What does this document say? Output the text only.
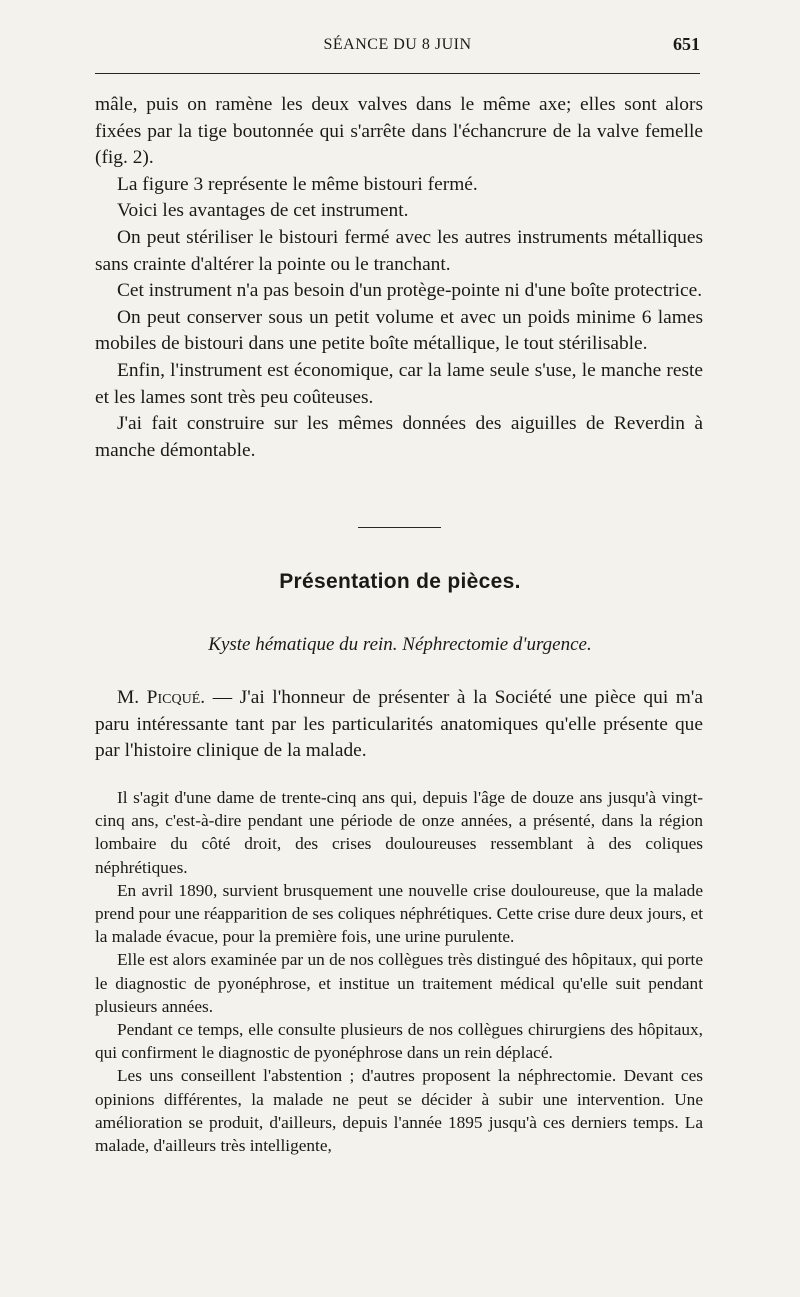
SÉANCE DU 8 JUIN	651

mâle, puis on ramène les deux valves dans le même axe; elles sont alors fixées par la tige boutonnée qui s'arrête dans l'échancrure de la valve femelle (fig. 2).

La figure 3 représente le même bistouri fermé.

Voici les avantages de cet instrument.

On peut stériliser le bistouri fermé avec les autres instruments métalliques sans crainte d'altérer la pointe ou le tranchant.

Cet instrument n'a pas besoin d'un protège-pointe ni d'une boîte protectrice.

On peut conserver sous un petit volume et avec un poids minime 6 lames mobiles de bistouri dans une petite boîte métallique, le tout stérilisable.

Enfin, l'instrument est économique, car la lame seule s'use, le manche reste et les lames sont très peu coûteuses.

J'ai fait construire sur les mêmes données des aiguilles de Reverdin à manche démontable.

Présentation de pièces.
Kyste hématique du rein. Néphrectomie d'urgence.

M. Picqué. — J'ai l'honneur de présenter à la Société une pièce qui m'a paru intéressante tant par les particularités anatomiques qu'elle présente que par l'histoire clinique de la malade.

Il s'agit d'une dame de trente-cinq ans qui, depuis l'âge de douze ans jusqu'à vingt-cinq ans, c'est-à-dire pendant une période de onze années, a présenté, dans la région lombaire du côté droit, des crises douloureuses ressemblant à des coliques néphrétiques.

En avril 1890, survient brusquement une nouvelle crise douloureuse, que la malade prend pour une réapparition de ses coliques néphrétiques. Cette crise dure deux jours, et la malade évacue, pour la première fois, une urine purulente.

Elle est alors examinée par un de nos collègues très distingué des hôpitaux, qui porte le diagnostic de pyonéphrose, et institue un traitement médical qu'elle suit pendant plusieurs années.

Pendant ce temps, elle consulte plusieurs de nos collègues chirurgiens des hôpitaux, qui confirment le diagnostic de pyonéphrose dans un rein déplacé.

Les uns conseillent l'abstention ; d'autres proposent la néphrectomie. Devant ces opinions différentes, la malade ne peut se décider à subir une intervention. Une amélioration se produit, d'ailleurs, depuis l'année 1895 jusqu'à ces derniers temps. La malade, d'ailleurs très intelligente,
